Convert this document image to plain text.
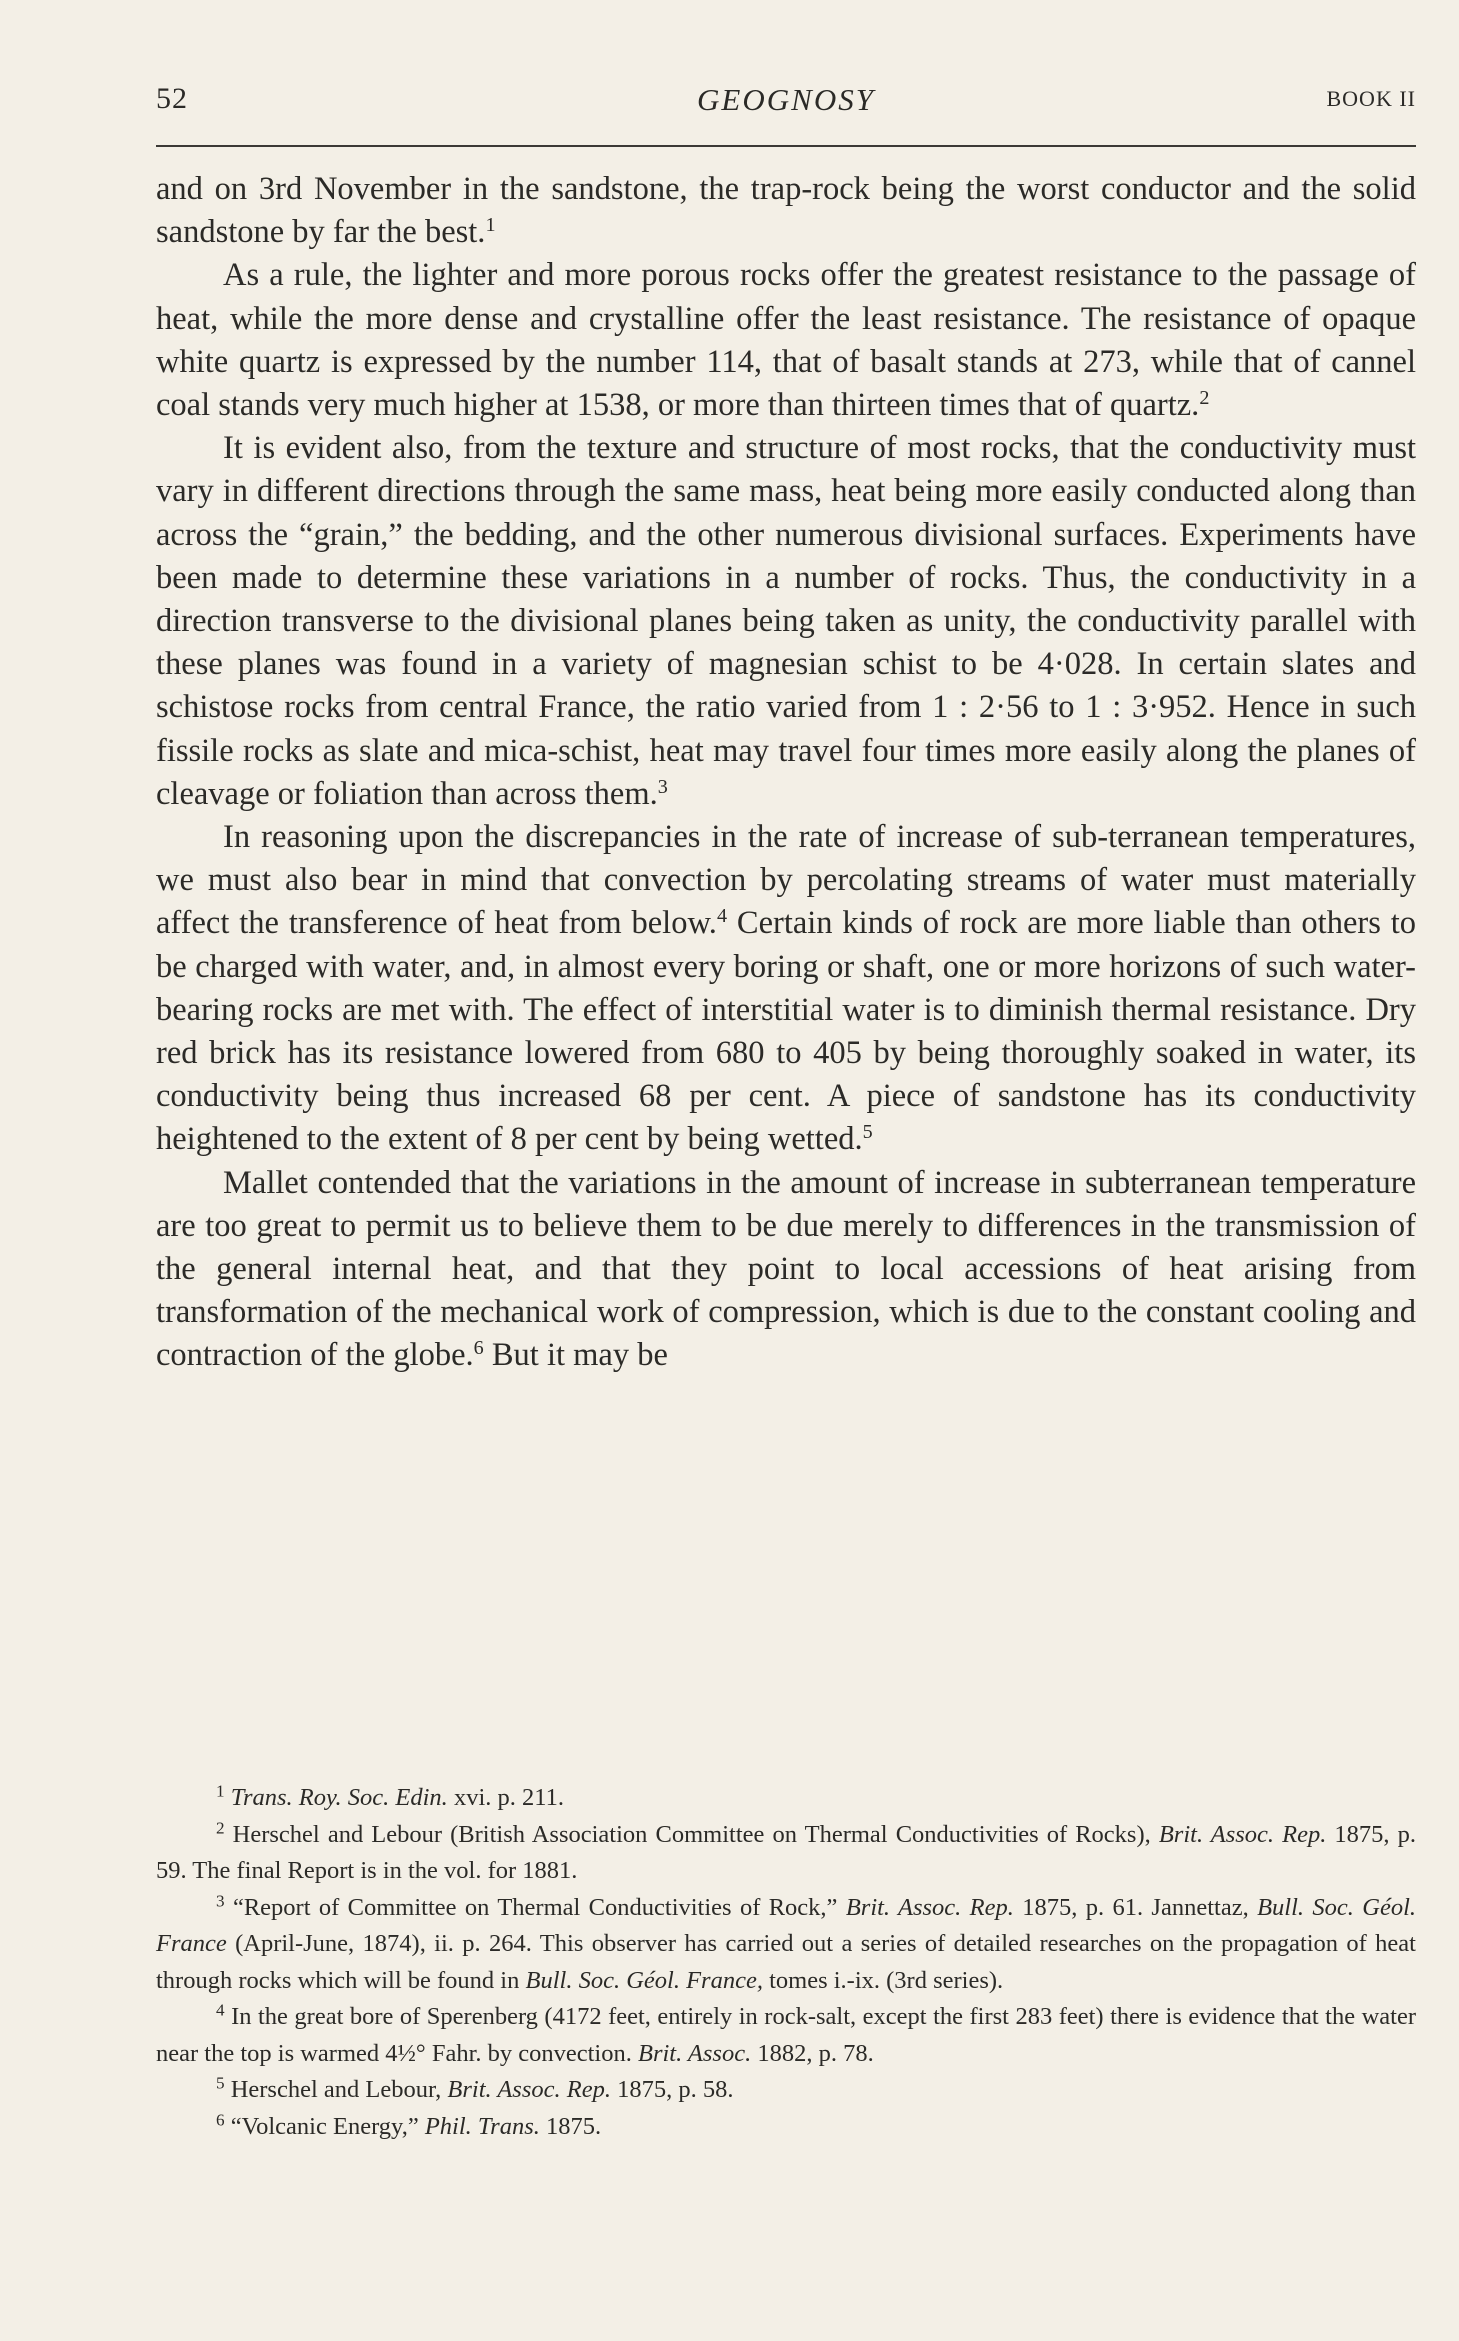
52	GEOGNOSY	BOOK II

and on 3rd November in the sandstone, the trap-rock being the worst conductor and the solid sandstone by far the best.$^1$

As a rule, the lighter and more porous rocks offer the greatest resistance to the passage of heat, while the more dense and crystalline offer the least resistance. The resistance of opaque white quartz is expressed by the number 114, that of basalt stands at 273, while that of cannel coal stands very much higher at 1538, or more than thirteen times that of quartz.$^2$

It is evident also, from the texture and structure of most rocks, that the conductivity must vary in different directions through the same mass, heat being more easily conducted along than across the “grain,” the bedding, and the other numerous divisional surfaces. Experiments have been made to determine these variations in a number of rocks. Thus, the conductivity in a direction transverse to the divisional planes being taken as unity, the conductivity parallel with these planes was found in a variety of magnesian schist to be 4·028. In certain slates and schistose rocks from central France, the ratio varied from 1 : 2·56 to 1 : 3·952. Hence in such fissile rocks as slate and mica-schist, heat may travel four times more easily along the planes of cleavage or foliation than across them.$^3$

In reasoning upon the discrepancies in the rate of increase of sub-terranean temperatures, we must also bear in mind that convection by percolating streams of water must materially affect the transference of heat from below.$^4$ Certain kinds of rock are more liable than others to be charged with water, and, in almost every boring or shaft, one or more horizons of such water-bearing rocks are met with. The effect of interstitial water is to diminish thermal resistance. Dry red brick has its resistance lowered from 680 to 405 by being thoroughly soaked in water, its conductivity being thus increased 68 per cent. A piece of sandstone has its conductivity heightened to the extent of 8 per cent by being wetted.$^5$

Mallet contended that the variations in the amount of increase in subterranean temperature are too great to permit us to believe them to be due merely to differences in the transmission of the general internal heat, and that they point to local accessions of heat arising from transformation of the mechanical work of compression, which is due to the constant cooling and contraction of the globe.$^6$ But it may be

$^1$ Trans. Roy. Soc. Edin. xvi. p. 211.

$^2$ Herschel and Lebour (British Association Committee on Thermal Conductivities of Rocks), Brit. Assoc. Rep. 1875, p. 59. The final Report is in the vol. for 1881.

$^3$ “Report of Committee on Thermal Conductivities of Rock,” Brit. Assoc. Rep. 1875, p. 61. Jannettaz, Bull. Soc. Géol. France (April-June, 1874), ii. p. 264. This observer has carried out a series of detailed researches on the propagation of heat through rocks which will be found in Bull. Soc. Géol. France, tomes i.-ix. (3rd series).

$^4$ In the great bore of Sperenberg (4172 feet, entirely in rock-salt, except the first 283 feet) there is evidence that the water near the top is warmed 4½° Fahr. by convection. Brit. Assoc. 1882, p. 78.

$^5$ Herschel and Lebour, Brit. Assoc. Rep. 1875, p. 58.

$^6$ “Volcanic Energy,” Phil. Trans. 1875.
